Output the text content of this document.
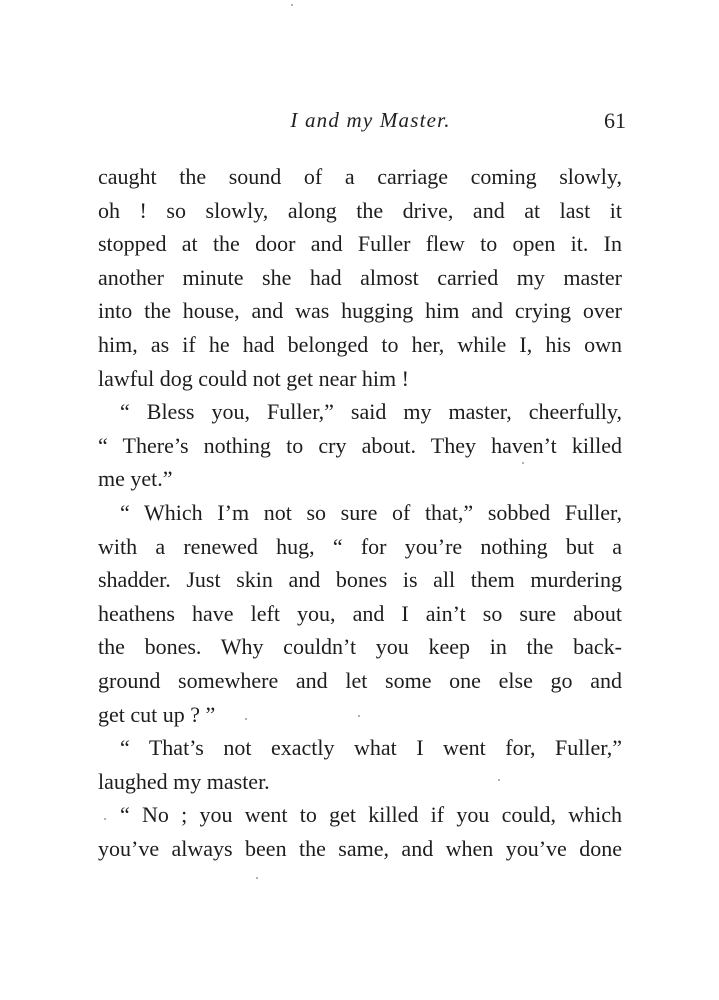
I and my Master.	61
caught the sound of a carriage coming slowly,
oh ! so slowly, along the drive, and at last it
stopped at the door and Fuller flew to open it. In
another minute she had almost carried my master
into the house, and was hugging him and crying over
him, as if he had belonged to her, while I, his own
lawful dog could not get near him !
“ Bless you, Fuller,” said my master, cheerfully,
“ There’s nothing to cry about. They haven’t killed
me yet.”
“ Which I’m not so sure of that,” sobbed Fuller,
with a renewed hug, “ for you’re nothing but a
shadder. Just skin and bones is all them murdering
heathens have left you, and I ain’t so sure about
the bones. Why couldn’t you keep in the back-
ground somewhere and let some one else go and
get cut up ? ”
“ That’s not exactly what I went for, Fuller,”
laughed my master.
“ No ; you went to get killed if you could, which
you’ve always been the same, and when you’ve done
